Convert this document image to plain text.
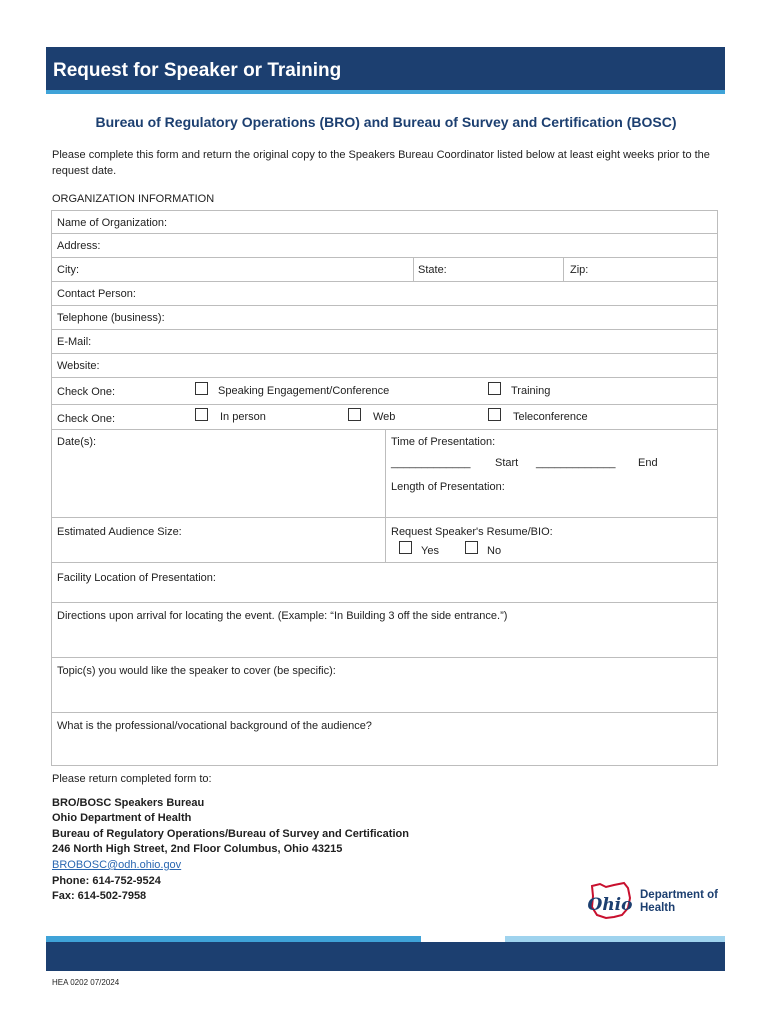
Request for Speaker or Training
Bureau of Regulatory Operations (BRO) and Bureau of Survey and Certification (BOSC)
Please complete this form and return the original copy to the Speakers Bureau Coordinator listed below at least eight weeks prior to the request date.
ORGANIZATION INFORMATION
Name of Organization:
Address:
City:	State:	Zip:
Contact Person:
Telephone (business):
E-Mail:
Website:
Check One:	Speaking Engagement/Conference	Training
Check One:	In person	Web	Teleconference
Date(s):	Time of Presentation:
_____________ Start _____________ End
Length of Presentation:
Estimated Audience Size:	Request Speaker's Resume/BIO:
Yes	No
Facility Location of Presentation:
Directions upon arrival for locating the event. (Example: “In Building 3 off the side entrance.”)
Topic(s) you would like the speaker to cover (be specific):
What is the professional/vocational background of the audience?
Please return completed form to:
BRO/BOSC Speakers Bureau
Ohio Department of Health
Bureau of Regulatory Operations/Bureau of Survey and Certification
246 North High Street, 2nd Floor Columbus, Ohio 43215
BROBOSC@odh.ohio.gov
Phone: 614-752-9524
Fax: 614-502-7958	Ohio Department of
Health
HEA 0202 07/2024
